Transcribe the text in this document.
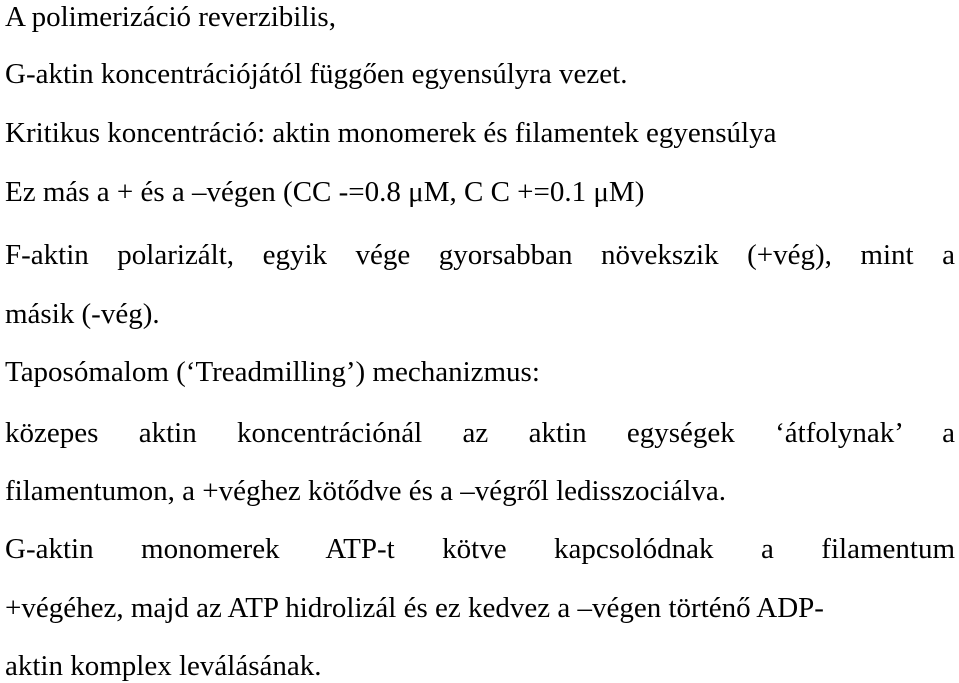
A polimerizáció reverzibilis,

G-aktin koncentrációjától függően egyensúlyra vezet.

Kritikus koncentráció: aktin monomerek és filamentek egyensúlya

Ez más a + és a –végen (CC -=0.8 μM, C C +=0.1 μM)

F-aktin polarizált, egyik vége gyorsabban növekszik (+vég), mint a

másik (-vég).

Taposómalom (‘Treadmilling’) mechanizmus:

közepes aktin koncentrációnál az aktin egységek ‘átfolynak’ a

filamentumon, a +véghez kötődve és a –végről ledisszociálva.

G-aktin monomerek ATP-t kötve kapcsolódnak a filamentum

+végéhez, majd az ATP hidrolizál és ez kedvez a –végen történő ADP-

aktin komplex leválásának.
